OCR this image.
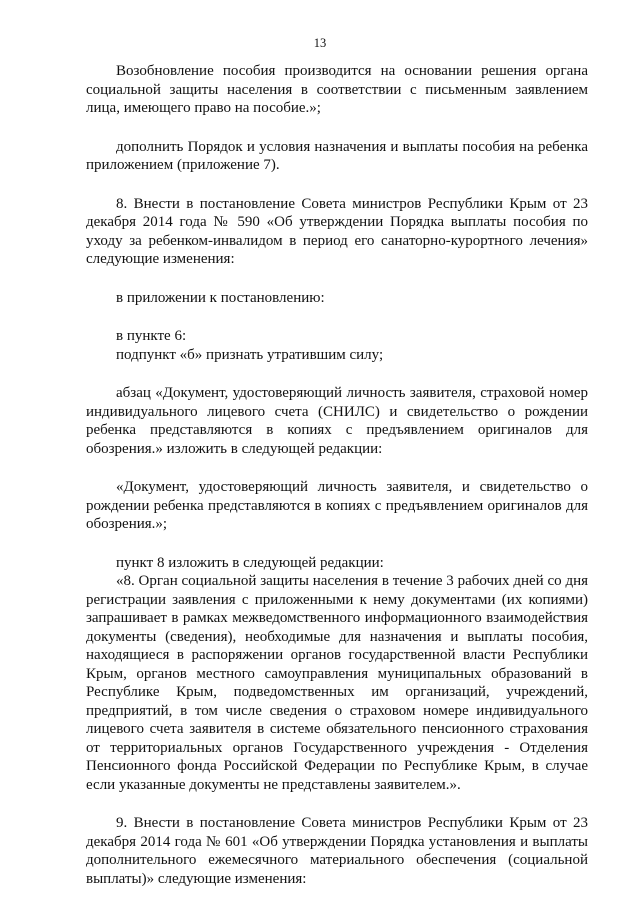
13

Возобновление пособия производится на основании решения органа социальной защиты населения в соответствии с письменным заявлением лица, имеющего право на пособие.»;

дополнить Порядок и условия назначения и выплаты пособия на ребенка приложением (приложение 7).

8. Внести в постановление Совета министров Республики Крым от 23 декабря 2014 года № 590 «Об утверждении Порядка выплаты пособия по уходу за ребенком-инвалидом в период его санаторно-курортного лечения» следующие изменения:

в приложении к постановлению:

в пункте 6:

подпункт «б» признать утратившим силу;

абзац «Документ, удостоверяющий личность заявителя, страховой номер индивидуального лицевого счета (СНИЛС) и свидетельство о рождении ребенка представляются в копиях с предъявлением оригиналов для обозрения.» изложить в следующей редакции:

«Документ, удостоверяющий личность заявителя, и свидетельство о рождении ребенка представляются в копиях с предъявлением оригиналов для обозрения.»;

пункт 8 изложить в следующей редакции:

«8. Орган социальной защиты населения в течение 3 рабочих дней со дня регистрации заявления с приложенными к нему документами (их копиями) запрашивает в рамках межведомственного информационного взаимодействия документы (сведения), необходимые для назначения и выплаты пособия, находящиеся в распоряжении органов государственной власти Республики Крым, органов местного самоуправления муниципальных образований в Республике Крым, подведомственных им организаций, учреждений, предприятий, в том числе сведения о страховом номере индивидуального лицевого счета заявителя в системе обязательного пенсионного страхования от территориальных органов Государственного учреждения - Отделения Пенсионного фонда Российской Федерации по Республике Крым, в случае если указанные документы не представлены заявителем.».

9. Внести в постановление Совета министров Республики Крым от 23 декабря 2014 года № 601 «Об утверждении Порядка установления и выплаты дополнительного ежемесячного материального обеспечения (социальной выплаты)» следующие изменения:
